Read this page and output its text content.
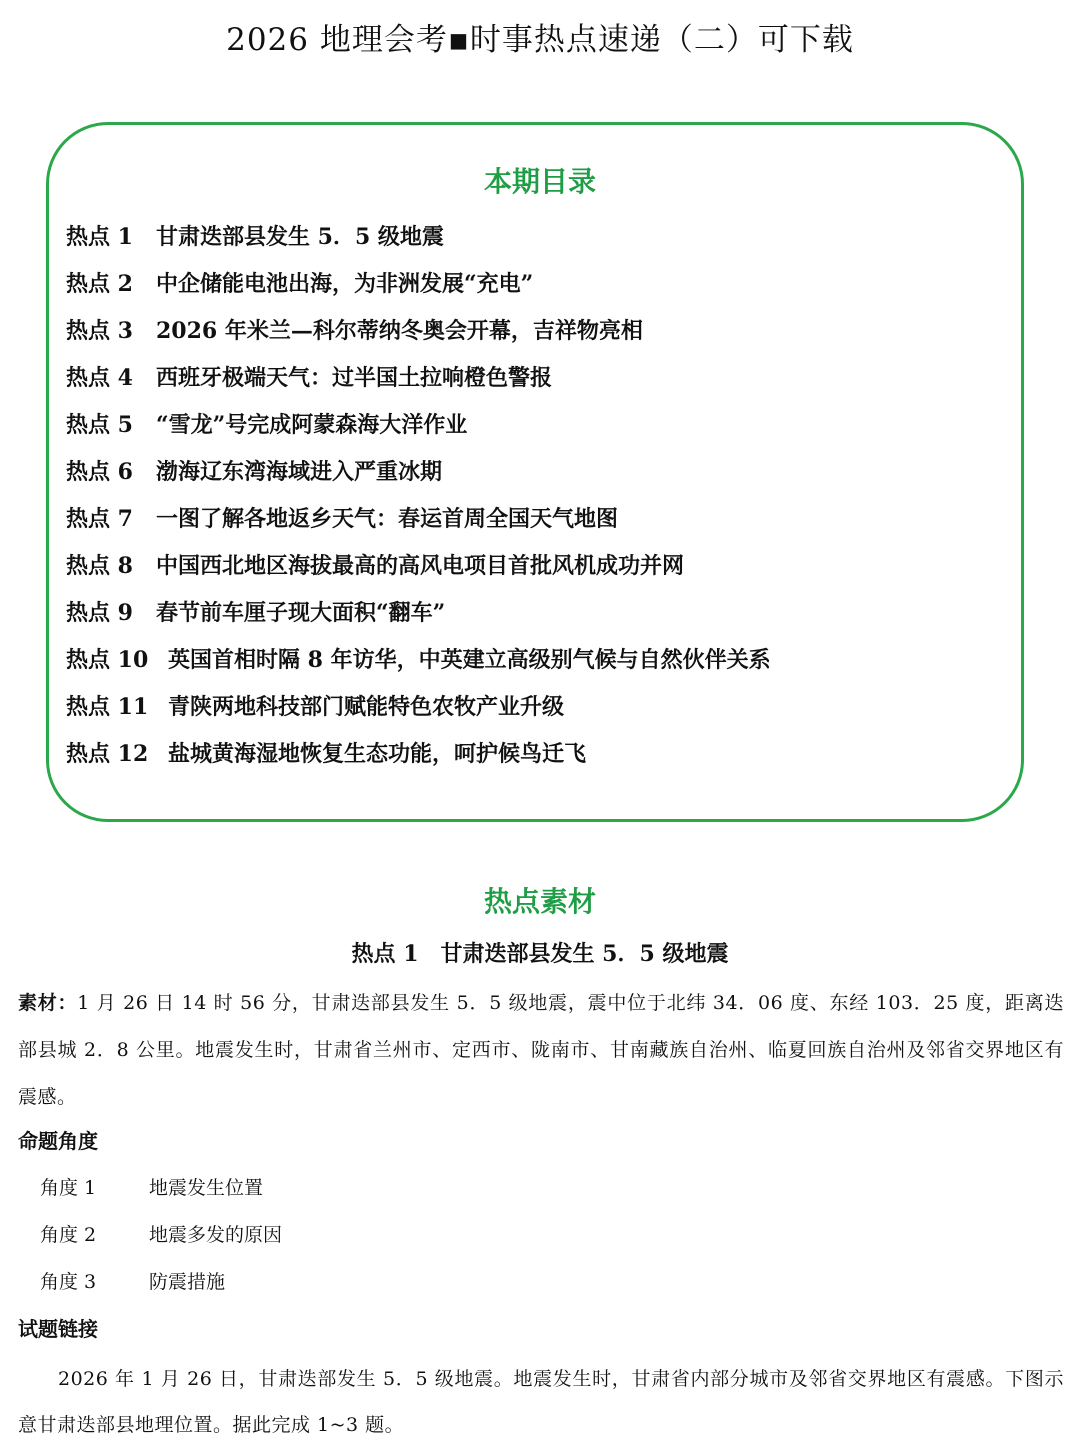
2026 地理会考▪时事热点速递（二）可下载
本期目录
热点 1	甘肃迭部县发生 5．5 级地震
热点 2	中企储能电池出海，为非洲发展“充电”
热点 3	2026 年米兰—科尔蒂纳冬奥会开幕，吉祥物亮相
热点 4	西班牙极端天气：过半国土拉响橙色警报
热点 5	“雪龙”号完成阿蒙森海大洋作业
热点 6	渤海辽东湾海域进入严重冰期
热点 7	一图了解各地返乡天气：春运首周全国天气地图
热点 8	中国西北地区海拔最高的高风电项目首批风机成功并网
热点 9	春节前车厘子现大面积“翻车”
热点 10 英国首相时隔 8 年访华，中英建立高级别气候与自然伙伴关系
热点 11 青陕两地科技部门赋能特色农牧产业升级
热点 12 盐城黄海湿地恢复生态功能，呵护候鸟迁飞
热点素材
热点 1　甘肃迭部县发生 5．5 级地震
素材：1 月 26 日 14 时 56 分，甘肃迭部县发生 5．5 级地震，震中位于北纬 34．06 度、东经 103．25 度，距离迭部县城 2．8 公里。地震发生时，甘肃省兰州市、定西市、陇南市、甘南藏族自治州、临夏回族自治州及邻省交界地区有震感。
命题角度
角度 1	地震发生位置
角度 2	地震多发的原因
角度 3	防震措施
试题链接
2026 年 1 月 26 日，甘肃迭部发生 5．5 级地震。地震发生时，甘肃省内部分城市及邻省交界地区有震感。下图示意甘肃迭部县地理位置。据此完成 1~3 题。
